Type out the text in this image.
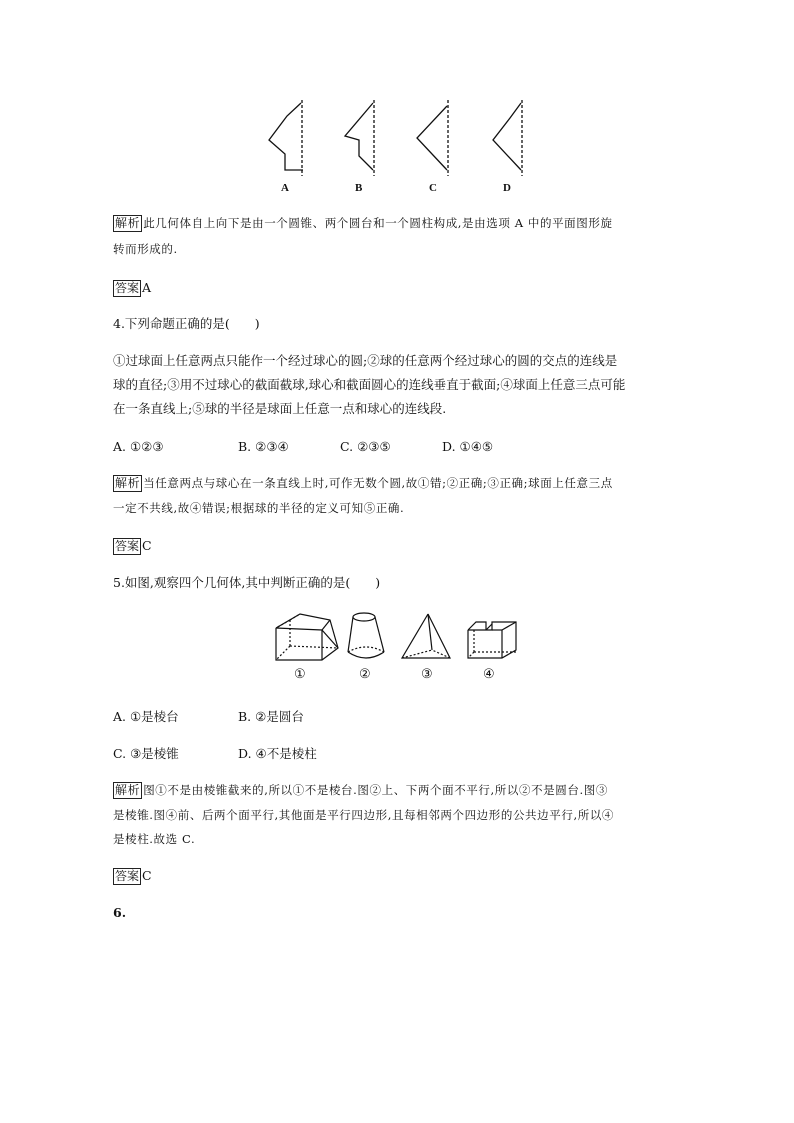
A	B	C	D
解析 此几何体自上向下是由一个圆锥、两个圆台和一个圆柱构成,是由选项 A 中的平面图形旋
转而形成的.
答案 A
4.下列命题正确的是(　　)
①过球面上任意两点只能作一个经过球心的圆;②球的任意两个经过球心的圆的交点的连线是
球的直径;③用不过球心的截面截球,球心和截面圆心的连线垂直于截面;④球面上任意三点可能
在一条直线上;⑤球的半径是球面上任意一点和球心的连线段.
A. ①②③	B. ②③④	C. ②③⑤	D. ①④⑤
解析 当任意两点与球心在一条直线上时,可作无数个圆,故①错;②正确;③正确;球面上任意三点
一定不共线,故④错误;根据球的半径的定义可知⑤正确.
答案 C
5.如图,观察四个几何体,其中判断正确的是(　　)
①	②	③	④
A. ①是棱台	B. ②是圆台
C. ③是棱锥	D. ④不是棱柱
解析 图①不是由棱锥截来的,所以①不是棱台.图②上、下两个面不平行,所以②不是圆台.图③
是棱锥.图④前、后两个面平行,其他面是平行四边形,且每相邻两个四边形的公共边平行,所以④
是棱柱.故选 C.
答案 C
6.
